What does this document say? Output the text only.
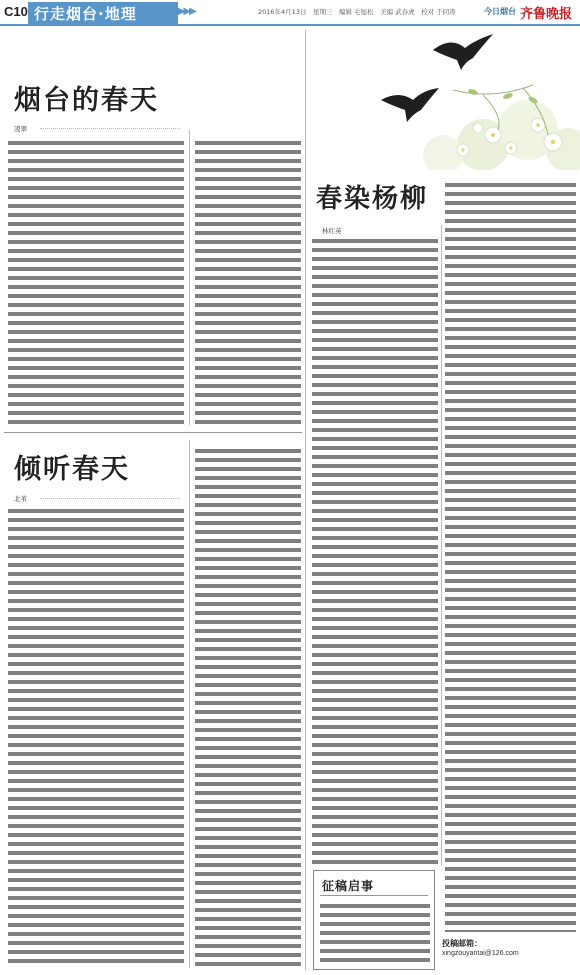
C10 行走烟台·地理	▶▶▶▶	2016年4月13日　星期三　编辑 毛旭松　美编 武春虎　校对 于同涛	今日烟台 齐鲁晚报
烟台的春天
凌翠
倾听春天
北苇
春染杨柳
林红英
征稿启事
投稿邮箱：
xingzouyantai@126.com
